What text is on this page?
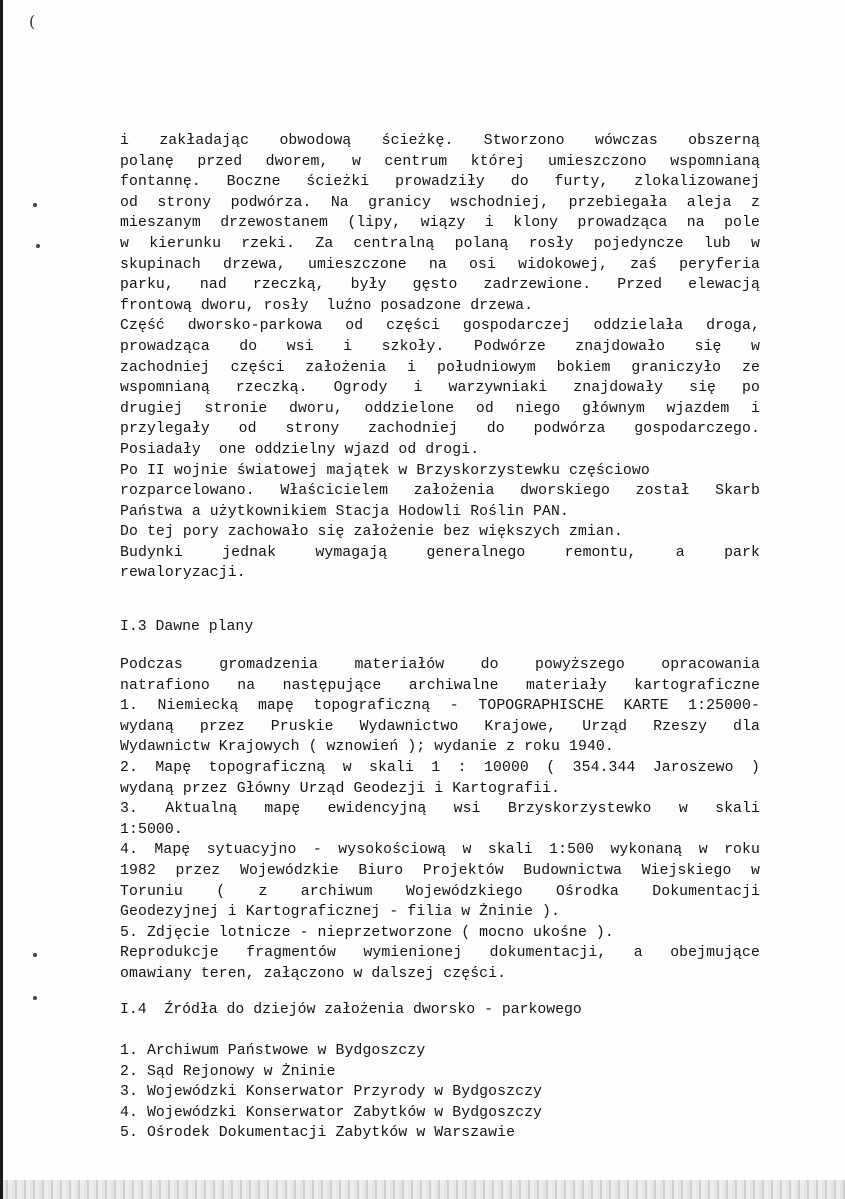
(
i zakładając obwodową ścieżkę. Stworzono wówczas obszerną
polanę przed dworem, w centrum której umieszczono wspomnianą
fontannę. Boczne ścieżki prowadziły do furty, zlokalizowanej
od strony podwórza. Na granicy wschodniej, przebiegała aleja z
mieszanym drzewostanem (lipy, wiązy i klony prowadząca na pole
w kierunku rzeki. Za centralną polaną rosły pojedyncze lub w
skupinach drzewa, umieszczone na osi widokowej, zaś peryferia
parku, nad rzeczką, były gęsto zadrzewione. Przed elewacją
frontową dworu, rosły  luźno posadzone drzewa.
Część dworsko-parkowa od części gospodarczej oddzielała droga,
prowadząca do wsi i szkoły. Podwórze znajdowało się w
zachodniej części założenia i południowym bokiem graniczyło ze
wspomnianą rzeczką. Ogrody i warzywniaki znajdowały się po
drugiej stronie dworu, oddzielone od niego głównym wjazdem i
przylegały od strony zachodniej do podwórza gospodarczego.
Posiadały  one oddzielny wjazd od drogi.
Po II wojnie światowej majątek w Brzyskorzystewku częściowo
rozparcelowano. Właścicielem założenia dworskiego został Skarb
Państwa a użytkownikiem Stacja Hodowli Roślin PAN.
Do tej pory zachowało się założenie bez większych zmian.
Budynki jednak wymagają generalnego remontu, a park
rewaloryzacji.
I.3 Dawne plany
Podczas gromadzenia materiałów do powyższego opracowania
natrafiono na następujące archiwalne materiały kartograficzne
1. Niemiecką mapę topograficzną - TOPOGRAPHISCHE KARTE 1:25000-
wydaną przez Pruskie Wydawnictwo Krajowe, Urząd Rzeszy dla
Wydawnictw Krajowych ( wznowień ); wydanie z roku 1940.
2. Mapę topograficzną w skali 1 : 10000 ( 354.344 Jaroszewo )
wydaną przez Główny Urząd Geodezji i Kartografii.
3. Aktualną mapę ewidencyjną wsi Brzyskorzystewko w skali
1:5000.
4. Mapę sytuacyjno - wysokościową w skali 1:500 wykonaną w roku
1982 przez Wojewódzkie Biuro Projektów Budownictwa Wiejskiego w
Toruniu ( z archiwum Wojewódzkiego Ośrodka Dokumentacji
Geodezyjnej i Kartograficznej - filia w Żninie ).
5. Zdjęcie lotnicze - nieprzetworzone ( mocno ukośne ).
Reprodukcje fragmentów wymienionej dokumentacji, a obejmujące
omawiany teren, załączono w dalszej części.
I.4  Źródła do dziejów założenia dworsko - parkowego
1. Archiwum Państwowe w Bydgoszczy
2. Sąd Rejonowy w Żninie
3. Wojewódzki Konserwator Przyrody w Bydgoszczy
4. Wojewódzki Konserwator Zabytków w Bydgoszczy
5. Ośrodek Dokumentacji Zabytków w Warszawie
